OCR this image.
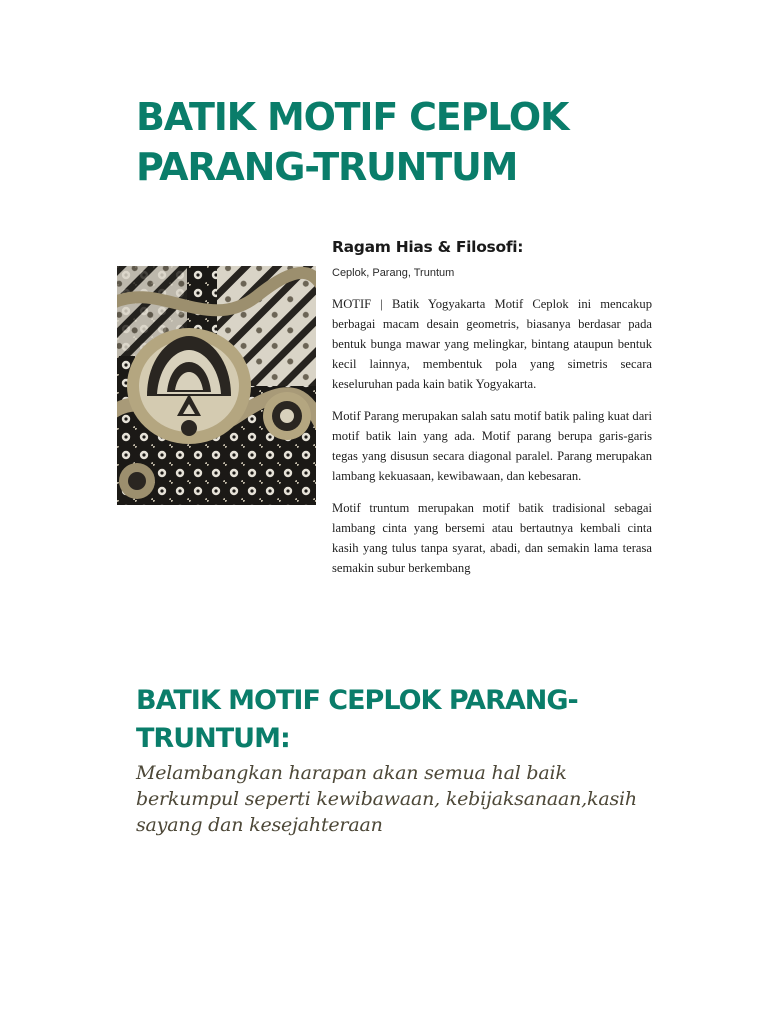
BATIK MOTIF CEPLOK
PARANG-TRUNTUM
Ragam Hias & Filosofi:

Ceplok, Parang, Truntum

MOTIF | Batik Yogyakarta Motif Ceplok ini mencakup berbagai macam desain geometris, biasanya berdasar pada bentuk bunga mawar yang melingkar, bintang ataupun bentuk kecil lainnya, membentuk pola yang simetris secara keseluruhan pada kain batik Yogyakarta.

Motif Parang merupakan salah satu motif batik paling kuat dari motif batik lain yang ada. Motif parang berupa garis-garis tegas yang disusun secara diagonal paralel. Parang merupakan lambang kekuasaan, kewibawaan, dan kebesaran.

Motif truntum merupakan motif batik tradisional sebagai lambang cinta yang bersemi atau bertautnya kembali cinta kasih yang tulus tanpa syarat, abadi, dan semakin lama terasa semakin subur berkembang

BATIK MOTIF CEPLOK PARANG-
TRUNTUM:

Melambangkan harapan akan semua hal baik berkumpul seperti kewibawaan, kebijaksanaan,kasih sayang dan kesejahteraan
